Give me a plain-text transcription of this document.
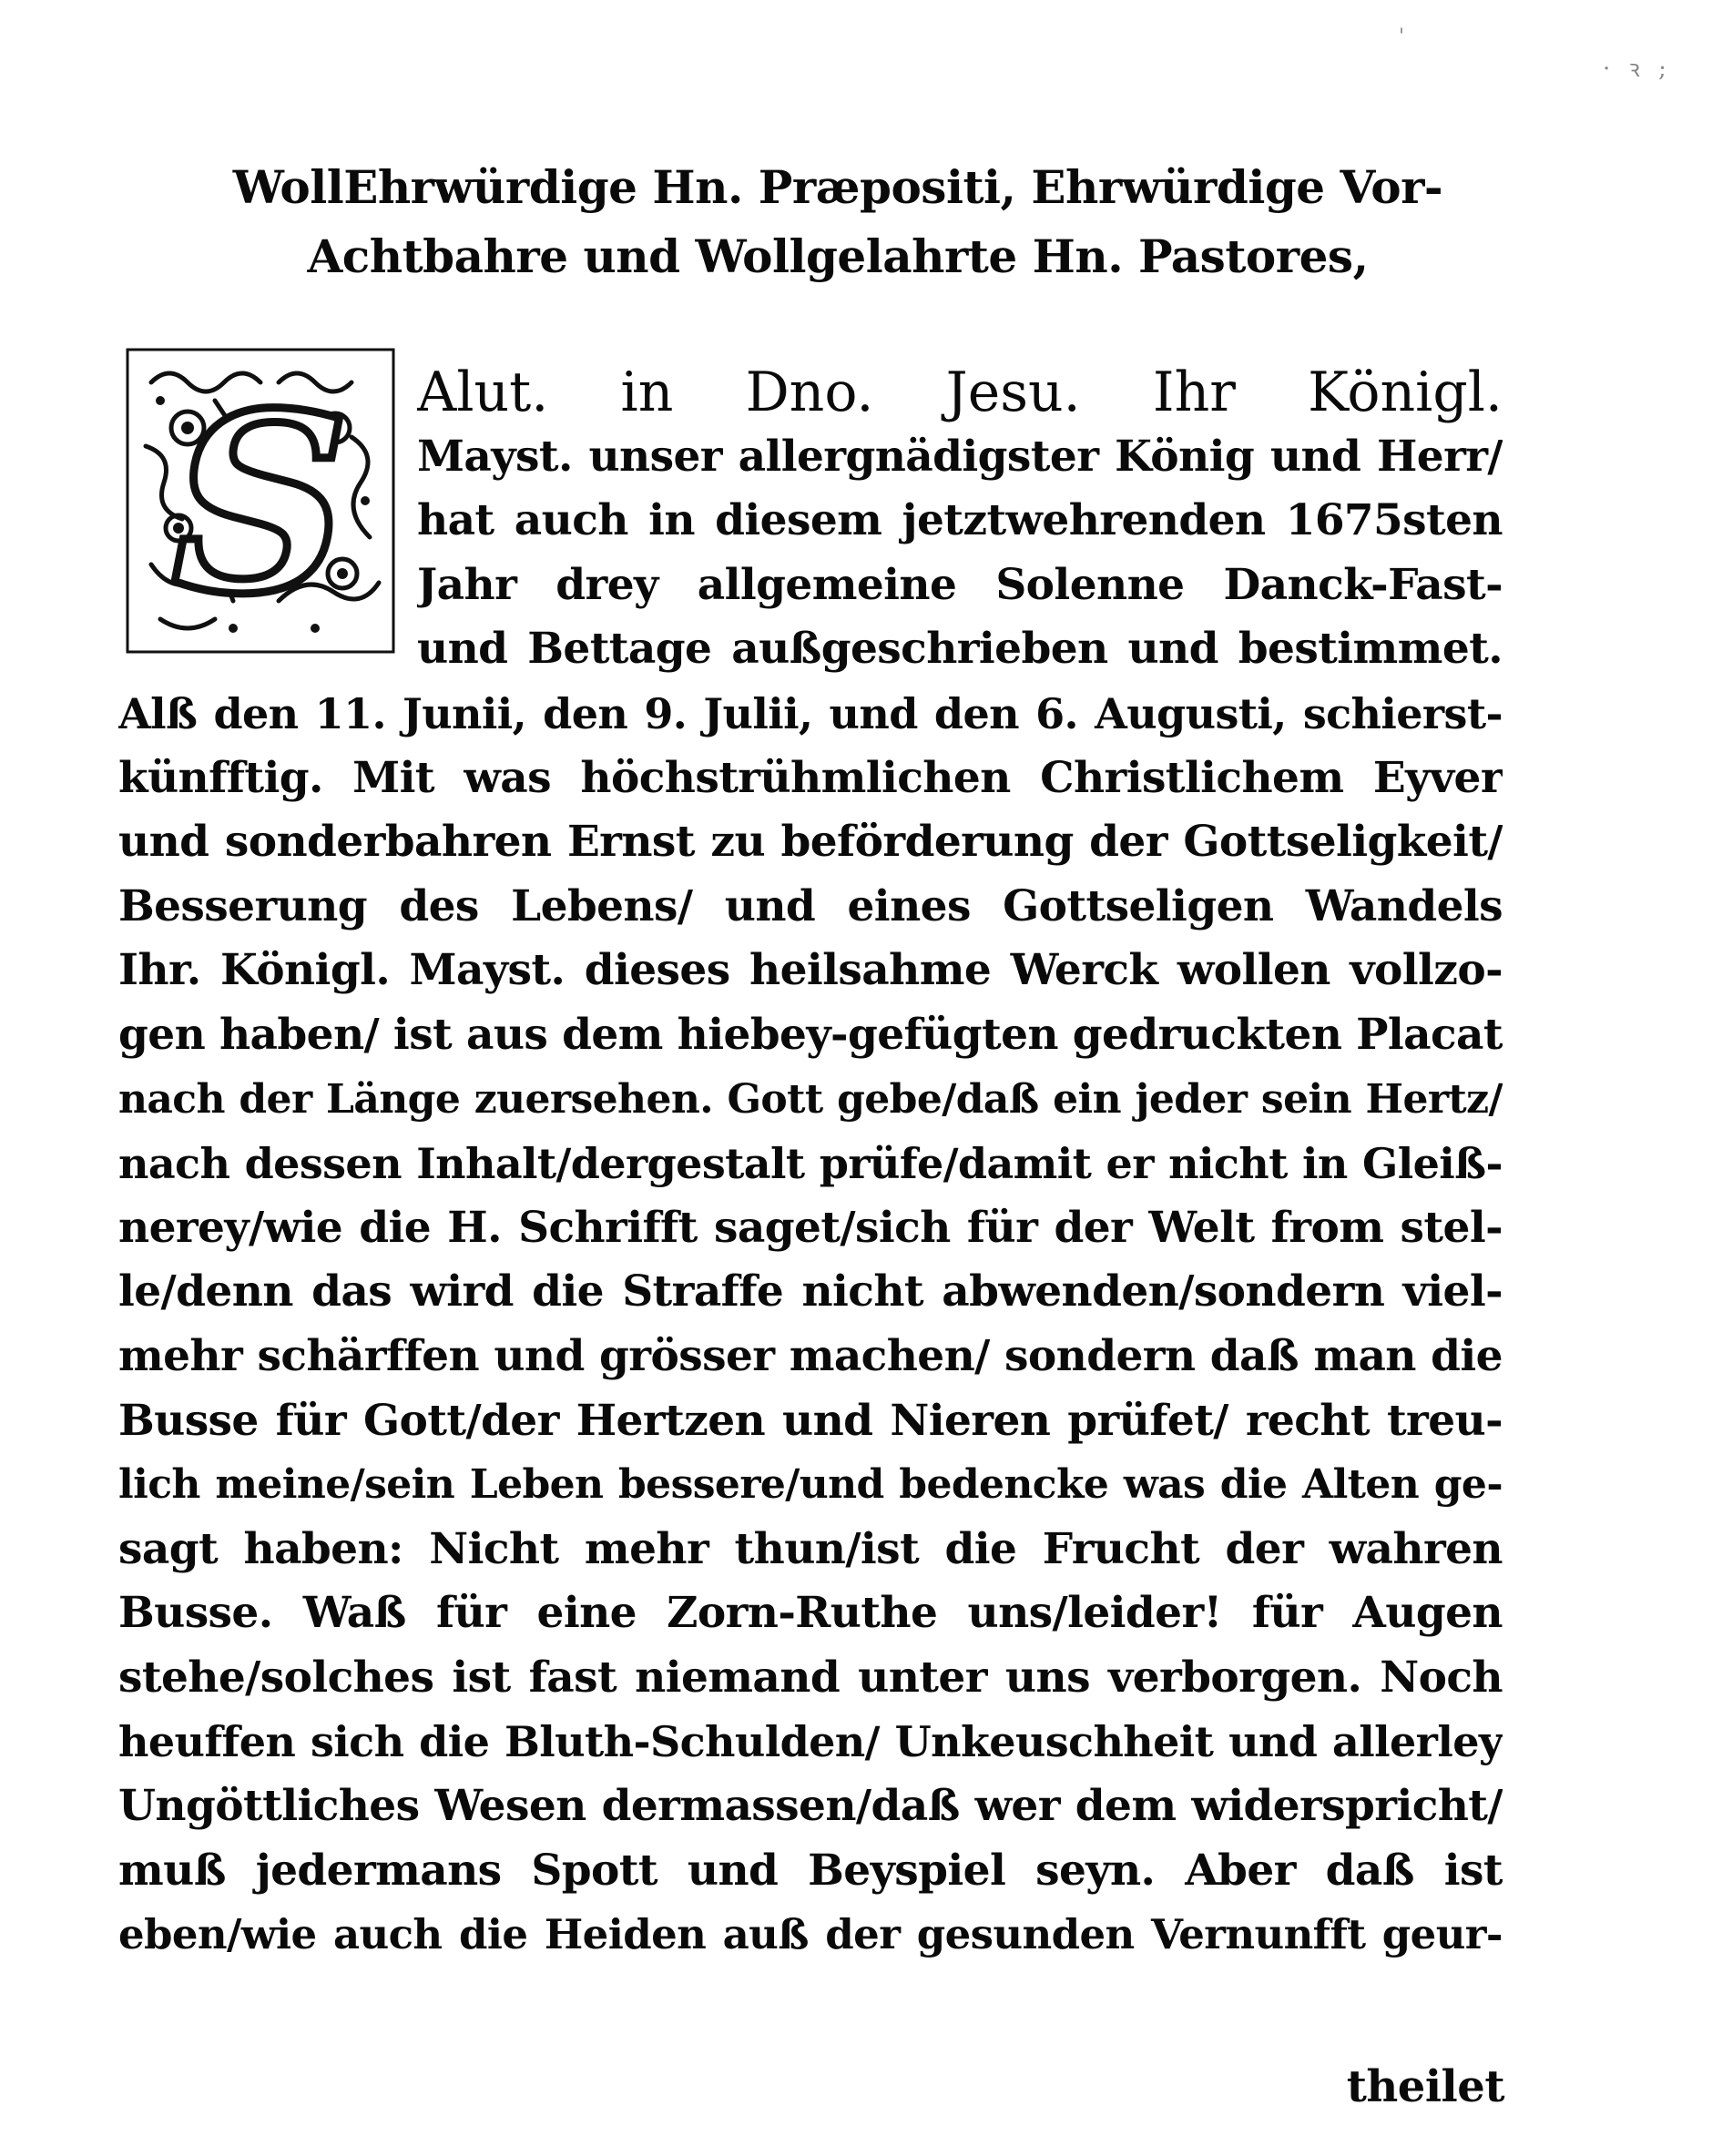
'
· ꝛ ;
WollEhrwürdige Hn. Præpositi, Ehrwürdige Vor-
Achtbahre und Wollgelahrte Hn. Pastores,
S Alut. in Dno. Jesu. Ihr Königl.
Mayst. unser allergnädigster König und Herr/
hat auch in diesem jetztwehrenden 1675sten
Jahr drey allgemeine Solenne Danck-Fast-
und Bettage außgeschrieben und bestimmet.
Alß den 11. Junii, den 9. Julii, und den 6. Augusti, schierst-
künfftig. Mit was höchstrühmlichen Christlichem Eyver
und sonderbahren Ernst zu beförderung der Gottseligkeit/
Besserung des Lebens/ und eines Gottseligen Wandels
Ihr. Königl. Mayst. dieses heilsahme Werck wollen vollzo-
gen haben/ ist aus dem hiebey-gefügten gedruckten Placat
nach der Länge zuersehen. Gott gebe/daß ein jeder sein Hertz/
nach dessen Inhalt/dergestalt prüfe/damit er nicht in Gleiß-
nerey/wie die H. Schrifft saget/sich für der Welt from stel-
le/denn das wird die Straffe nicht abwenden/sondern viel-
mehr schärffen und grösser machen/ sondern daß man die
Busse für Gott/der Hertzen und Nieren prüfet/ recht treu-
lich meine/sein Leben bessere/und bedencke was die Alten ge-
sagt haben: Nicht mehr thun/ist die Frucht der wahren
Busse. Waß für eine Zorn-Ruthe uns/leider! für Augen
stehe/solches ist fast niemand unter uns verborgen. Noch
heuffen sich die Bluth-Schulden/ Unkeuschheit und allerley
Ungöttliches Wesen dermassen/daß wer dem widerspricht/
muß jedermans Spott und Beyspiel seyn. Aber daß ist
eben/wie auch die Heiden auß der gesunden Vernunfft geur-
theilet
